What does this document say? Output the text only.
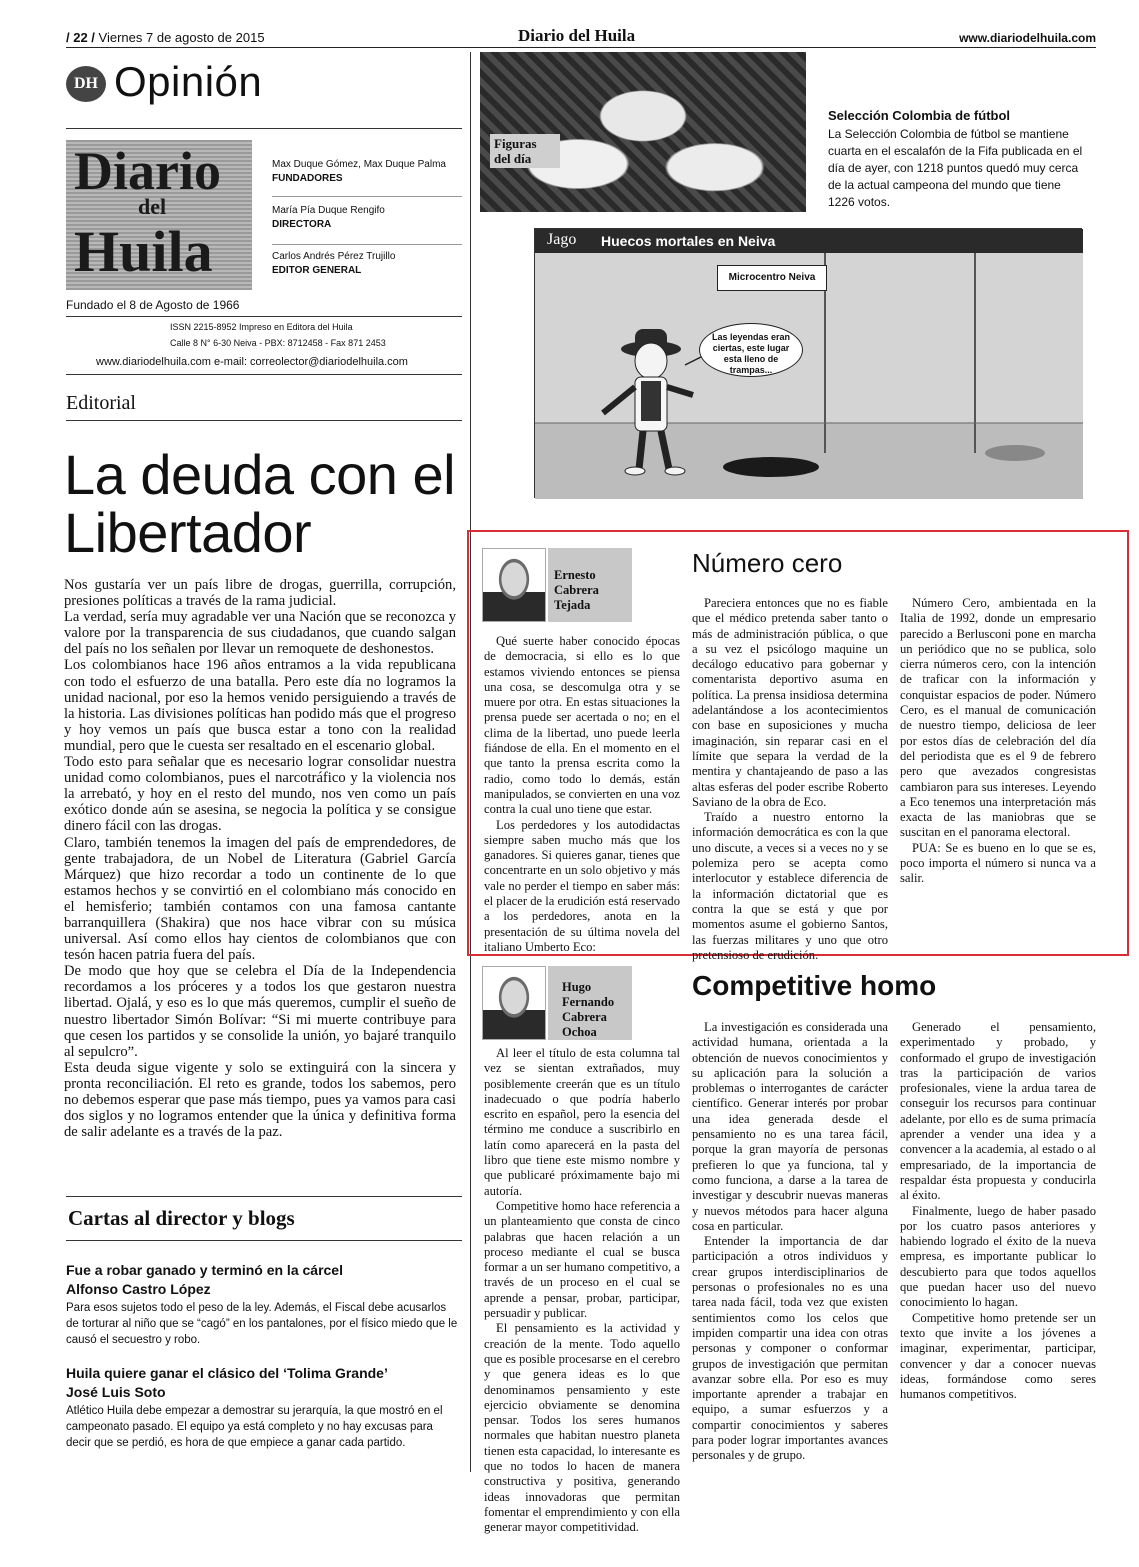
/ 22 / Viernes 7 de agosto de 2015	Diario del Huila	www.diariodelhuila.com
DH Opinión
Diario
del
Huila
Max Duque Gómez, Max Duque Palma
FUNDADORES
María Pía Duque Rengifo
DIRECTORA
Carlos Andrés Pérez Trujillo
EDITOR GENERAL
Fundado el 8 de Agosto de 1966
ISSN 2215-8952 Impreso en Editora del Huila
Calle 8 N° 6-30 Neiva - PBX: 8712458 - Fax 871 2453
www.diariodelhuila.com e-mail: correolector@diariodelhuila.com
Editorial
La deuda con el Libertador

Nos gustaría ver un país libre de drogas, guerrilla, corrupción, presiones políticas a través de la rama judicial.

La verdad, sería muy agradable ver una Nación que se reconozca y valore por la transparencia de sus ciudadanos, que cuando salgan del país no los señalen por llevar un remoquete de deshonestos.

Los colombianos hace 196 años entramos a la vida republicana con todo el esfuerzo de una batalla. Pero este día no logramos la unidad nacional, por eso la hemos venido persiguiendo a través de la historia. Las divisiones políticas han podido más que el progreso y hoy vemos un país que busca estar a tono con la realidad mundial, pero que le cuesta ser resaltado en el escenario global.

Todo esto para señalar que es necesario lograr consolidar nuestra unidad como colombianos, pues el narcotráfico y la violencia nos la arrebató, y hoy en el resto del mundo, nos ven como un país exótico donde aún se asesina, se negocia la política y se consigue dinero fácil con las drogas.

Claro, también tenemos la imagen del país de emprendedores, de gente trabajadora, de un Nobel de Literatura (Gabriel García Márquez) que hizo recordar a todo un continente de lo que estamos hechos y se convirtió en el colombiano más conocido en el hemisferio; también contamos con una famosa cantante barranquillera (Shakira) que nos hace vibrar con su música universal. Así como ellos hay cientos de colombianos que con tesón hacen patria fuera del país.

De modo que hoy que se celebra el Día de la Independencia recordamos a los próceres y a todos los que gestaron nuestra libertad. Ojalá, y eso es lo que más queremos, cumplir el sueño de nuestro libertador Simón Bolívar: “Si mi muerte contribuye para que cesen los partidos y se consolide la unión, yo bajaré tranquilo al sepulcro”.

Esta deuda sigue vigente y solo se extinguirá con la sincera y pronta reconciliación. El reto es grande, todos los sabemos, pero no debemos esperar que pase más tiempo, pues ya vamos para casi dos siglos y no logramos entender que la única y definitiva forma de salir adelante es a través de la paz.

Cartas al director y blogs
Fue a robar ganado y terminó en la cárcel
Alfonso Castro López
Para esos sujetos todo el peso de la ley. Además, el Fiscal debe acusarlos de torturar al niño que se “cagó” en los pantalones, por el físico miedo que le causó el secuestro y robo.
Huila quiere ganar el clásico del ‘Tolima Grande’
José Luis Soto
Atlético Huila debe empezar a demostrar su jerarquía, la que mostró en el campeonato pasado. El equipo ya está completo y no hay excusas para decir que se perdió, es hora de que empiece a ganar cada partido.
Figuras del día
Selección Colombia de fútbol
La Selección Colombia de fútbol se mantiene cuarta en el escalafón de la Fifa publicada en el día de ayer, con 1218 puntos quedó muy cerca de la actual campeona del mundo que tiene 1226 votos.
Jago Huecos mortales en Neiva
Microcentro Neiva
Las leyendas eran ciertas, este lugar esta lleno de trampas...
Ernesto Cabrera Tejada
Número cero

Qué suerte haber conocido épocas de democracia, si ello es lo que estamos viviendo entonces se piensa una cosa, se descomulga otra y se muere por otra. En estas situaciones la prensa puede ser acertada o no; en el clima de la libertad, uno puede leerla fiándose de ella. En el momento en el que tanto la prensa escrita como la radio, como todo lo demás, están manipulados, se convierten en una voz contra la cual uno tiene que estar.

Los perdedores y los autodidactas siempre saben mucho más que los ganadores. Si quieres ganar, tienes que concentrarte en un solo objetivo y más vale no perder el tiempo en saber más: el placer de la erudición está reservado a los perdedores, anota en la presentación de su última novela del italiano Umberto Eco:

Pareciera entonces que no es fiable que el médico pretenda saber tanto o más de administración pública, o que a su vez el psicólogo maquine un decálogo educativo para gobernar y comentarista deportivo asuma en política. La prensa insidiosa determina adelantándose a los acontecimientos con base en suposiciones y mucha imaginación, sin reparar casi en el límite que separa la verdad de la mentira y chantajeando de paso a las altas esferas del poder escribe Roberto Saviano de la obra de Eco.

Traído a nuestro entorno la información democrática es con la que uno discute, a veces si a veces no y se polemiza pero se acepta como interlocutor y establece diferencia de la información dictatorial que es contra la que se está y que por momentos asume el gobierno Santos, las fuerzas militares y uno que otro pretensioso de erudición.

Número Cero, ambientada en la Italia de 1992, donde un empresario parecido a Berlusconi pone en marcha un periódico que no se publica, solo cierra números cero, con la intención de traficar con la información y conquistar espacios de poder. Número Cero, es el manual de comunicación de nuestro tiempo, deliciosa de leer por estos días de celebración del día del periodista que es el 9 de febrero pero que avezados congresistas cambiaron para sus intereses. Leyendo a Eco tenemos una interpretación más exacta de las maniobras que se suscitan en el panorama electoral.

PUA: Se es bueno en lo que se es, poco importa el número si nunca va a salir.

Hugo Fernando Cabrera Ochoa
Competitive homo

Al leer el título de esta columna tal vez se sientan extrañados, muy posiblemente creerán que es un título inadecuado o que podría haberlo escrito en español, pero la esencia del término me conduce a suscribirlo en latín como aparecerá en la pasta del libro que tiene este mismo nombre y que publicaré próximamente bajo mi autoría.

Competitive homo hace referencia a un planteamiento que consta de cinco palabras que hacen relación a un proceso mediante el cual se busca formar a un ser humano competitivo, a través de un proceso en el cual se aprende a pensar, probar, participar, persuadir y publicar.

El pensamiento es la actividad y creación de la mente. Todo aquello que es posible procesarse en el cerebro y que genera ideas es lo que denominamos pensamiento y este ejercicio obviamente se denomina pensar. Todos los seres humanos normales que habitan nuestro planeta tienen esta capacidad, lo interesante es que no todos lo hacen de manera constructiva y positiva, generando ideas innovadoras que permitan fomentar el emprendimiento y con ella generar mayor competitividad.

La investigación es considerada una actividad humana, orientada a la obtención de nuevos conocimientos y su aplicación para la solución a problemas o interrogantes de carácter científico. Generar interés por probar una idea generada desde el pensamiento no es una tarea fácil, porque la gran mayoría de personas prefieren lo que ya funciona, tal y como funciona, a darse a la tarea de investigar y descubrir nuevas maneras y nuevos métodos para hacer alguna cosa en particular.

Entender la importancia de dar participación a otros individuos y crear grupos interdisciplinarios de personas o profesionales no es una tarea nada fácil, toda vez que existen sentimientos como los celos que impiden compartir una idea con otras personas y componer o conformar grupos de investigación que permitan avanzar sobre ella. Por eso es muy importante aprender a trabajar en equipo, a sumar esfuerzos y a compartir conocimientos y saberes para poder lograr importantes avances personales y de grupo.

Generado el pensamiento, experimentado y probado, y conformado el grupo de investigación tras la participación de varios profesionales, viene la ardua tarea de conseguir los recursos para continuar adelante, por ello es de suma primacía aprender a vender una idea y a convencer a la academia, al estado o al empresariado, de la importancia de respaldar ésta propuesta y conducirla al éxito.

Finalmente, luego de haber pasado por los cuatro pasos anteriores y habiendo logrado el éxito de la nueva empresa, es importante publicar lo descubierto para que todos aquellos que puedan hacer uso del nuevo conocimiento lo hagan.

Competitive homo pretende ser un texto que invite a los jóvenes a imaginar, experimentar, participar, convencer y dar a conocer nuevas ideas, formándose como seres humanos competitivos.
